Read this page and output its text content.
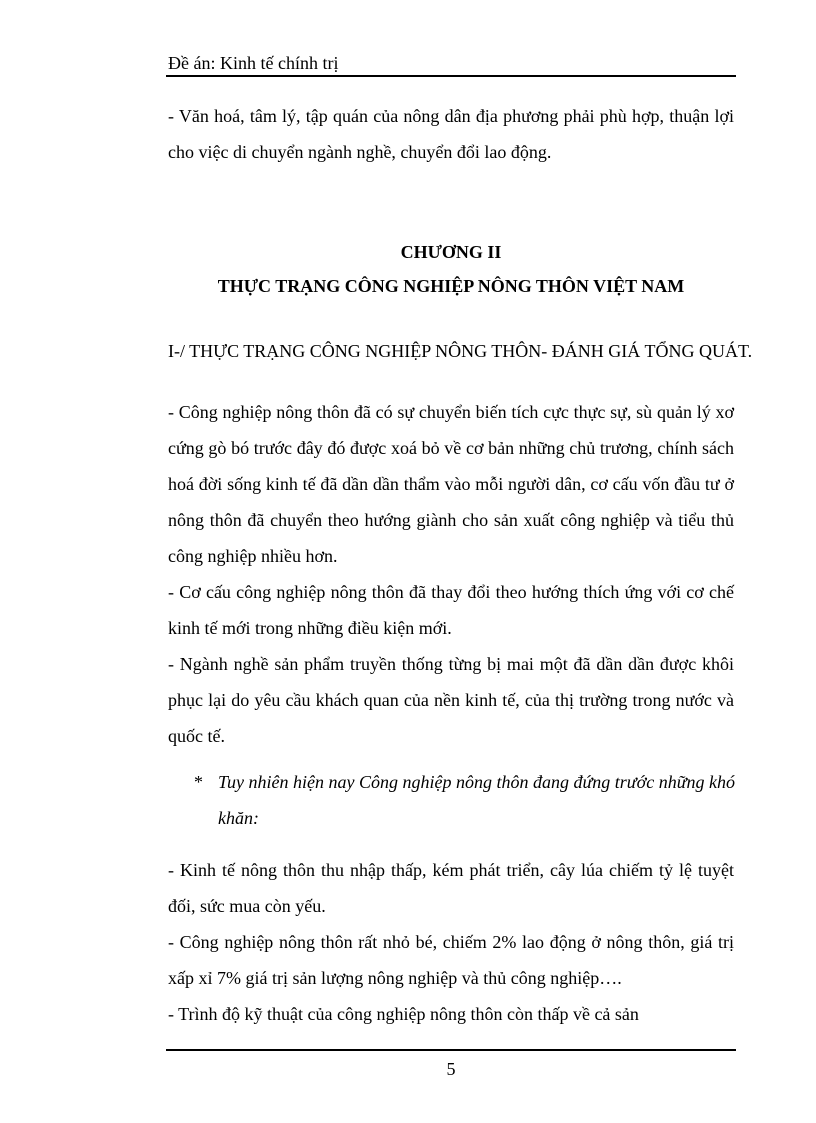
Đề án: Kinh tế chính trị

- Văn hoá, tâm lý, tập quán của nông dân địa phương phải phù hợp, thuận lợi cho việc di chuyển ngành nghề, chuyển đổi lao động.

CHƯƠNG II
THỰC TRẠNG CÔNG NGHIỆP NÔNG THÔN VIỆT NAM
I-/ THỰC TRẠNG CÔNG NGHIỆP NÔNG THÔN- ĐÁNH GIÁ TỔNG QUÁT.

- Công nghiệp nông thôn đã có sự chuyển biến tích cực thực sự, sù quản lý xơ cứng gò bó trước đây đó được xoá bỏ về cơ bản những chủ trương, chính sách hoá đời sống kinh tế đã dần dần thẩm vào mỗi người dân, cơ cấu vốn đầu tư ở nông thôn đã chuyển theo hướng giành cho sản xuất công nghiệp và tiểu thủ công nghiệp nhiều hơn.

- Cơ cấu công nghiệp nông thôn đã thay đổi theo hướng thích ứng với cơ chế kinh tế mới trong những điều kiện mới.

- Ngành nghề sản phẩm truyền thống từng bị mai một đã dần dần được khôi phục lại do yêu cầu khách quan của nền kinh tế, của thị trường trong nước và quốc tế.

* Tuy nhiên hiện nay Công nghiệp nông thôn đang đứng trước những khó khăn:

- Kinh tế nông thôn thu nhập thấp, kém phát triển, cây lúa chiếm tỷ lệ tuyệt đối, sức mua còn yếu.

- Công nghiệp nông thôn rất nhỏ bé, chiếm 2% lao động ở nông thôn, giá trị xấp xỉ 7% giá trị sản lượng nông nghiệp và thủ công nghiệp….

- Trình độ kỹ thuật của công nghiệp nông thôn còn thấp về cả sản

5
